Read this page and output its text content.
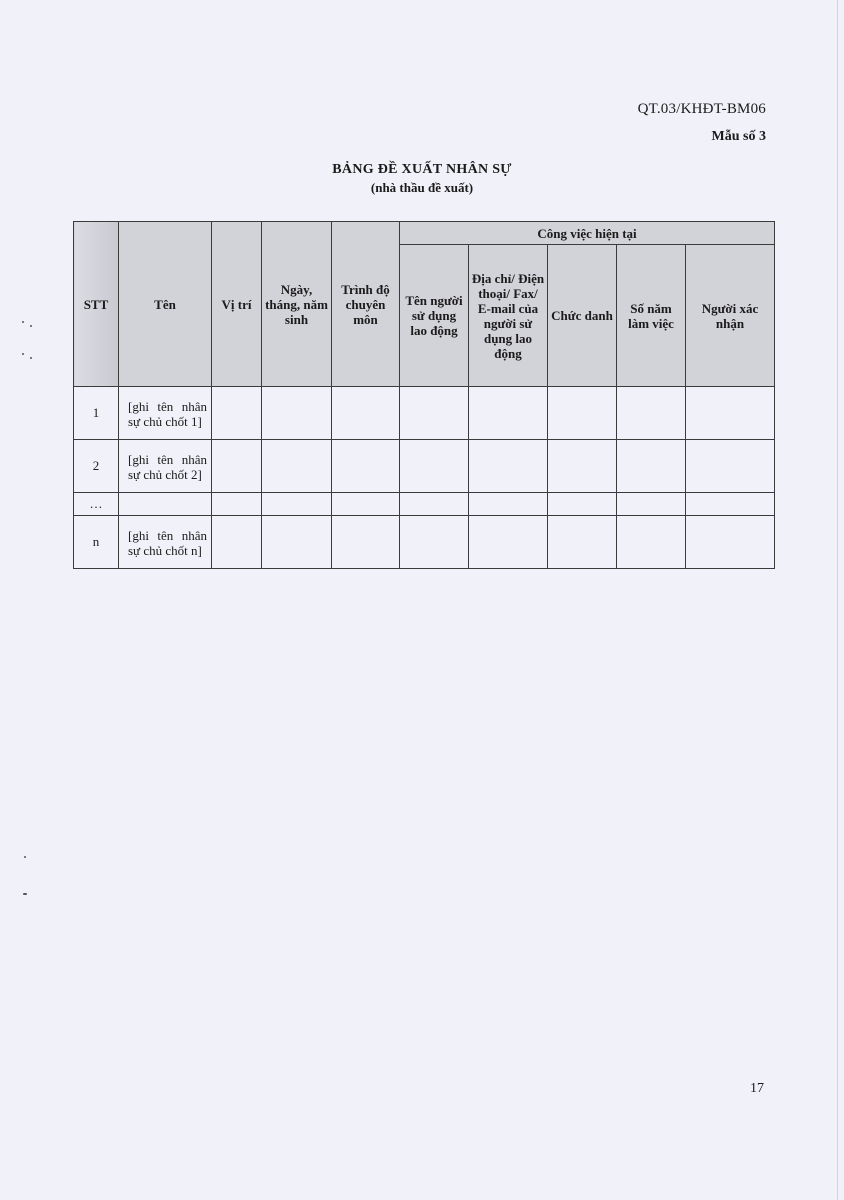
QT.03/KHĐT-BM06
Mẫu số 3
BẢNG ĐỀ XUẤT NHÂN SỰ
(nhà thầu đề xuất)
STT	Tên	Vị trí	Ngày, tháng, năm sinh	Trình độ chuyên môn	Công việc hiện tại				
					Tên người sử dụng lao động	Địa chỉ/ Điện thoại/ Fax/ E-mail của người sử dụng lao động	Chức danh	Số năm làm việc	Người xác nhận
1	[ghi tên nhân sự chủ chốt 1]								
2	[ghi tên nhân sự chủ chốt 2]								
…									
n	[ghi tên nhân sự chủ chốt n]								
17
